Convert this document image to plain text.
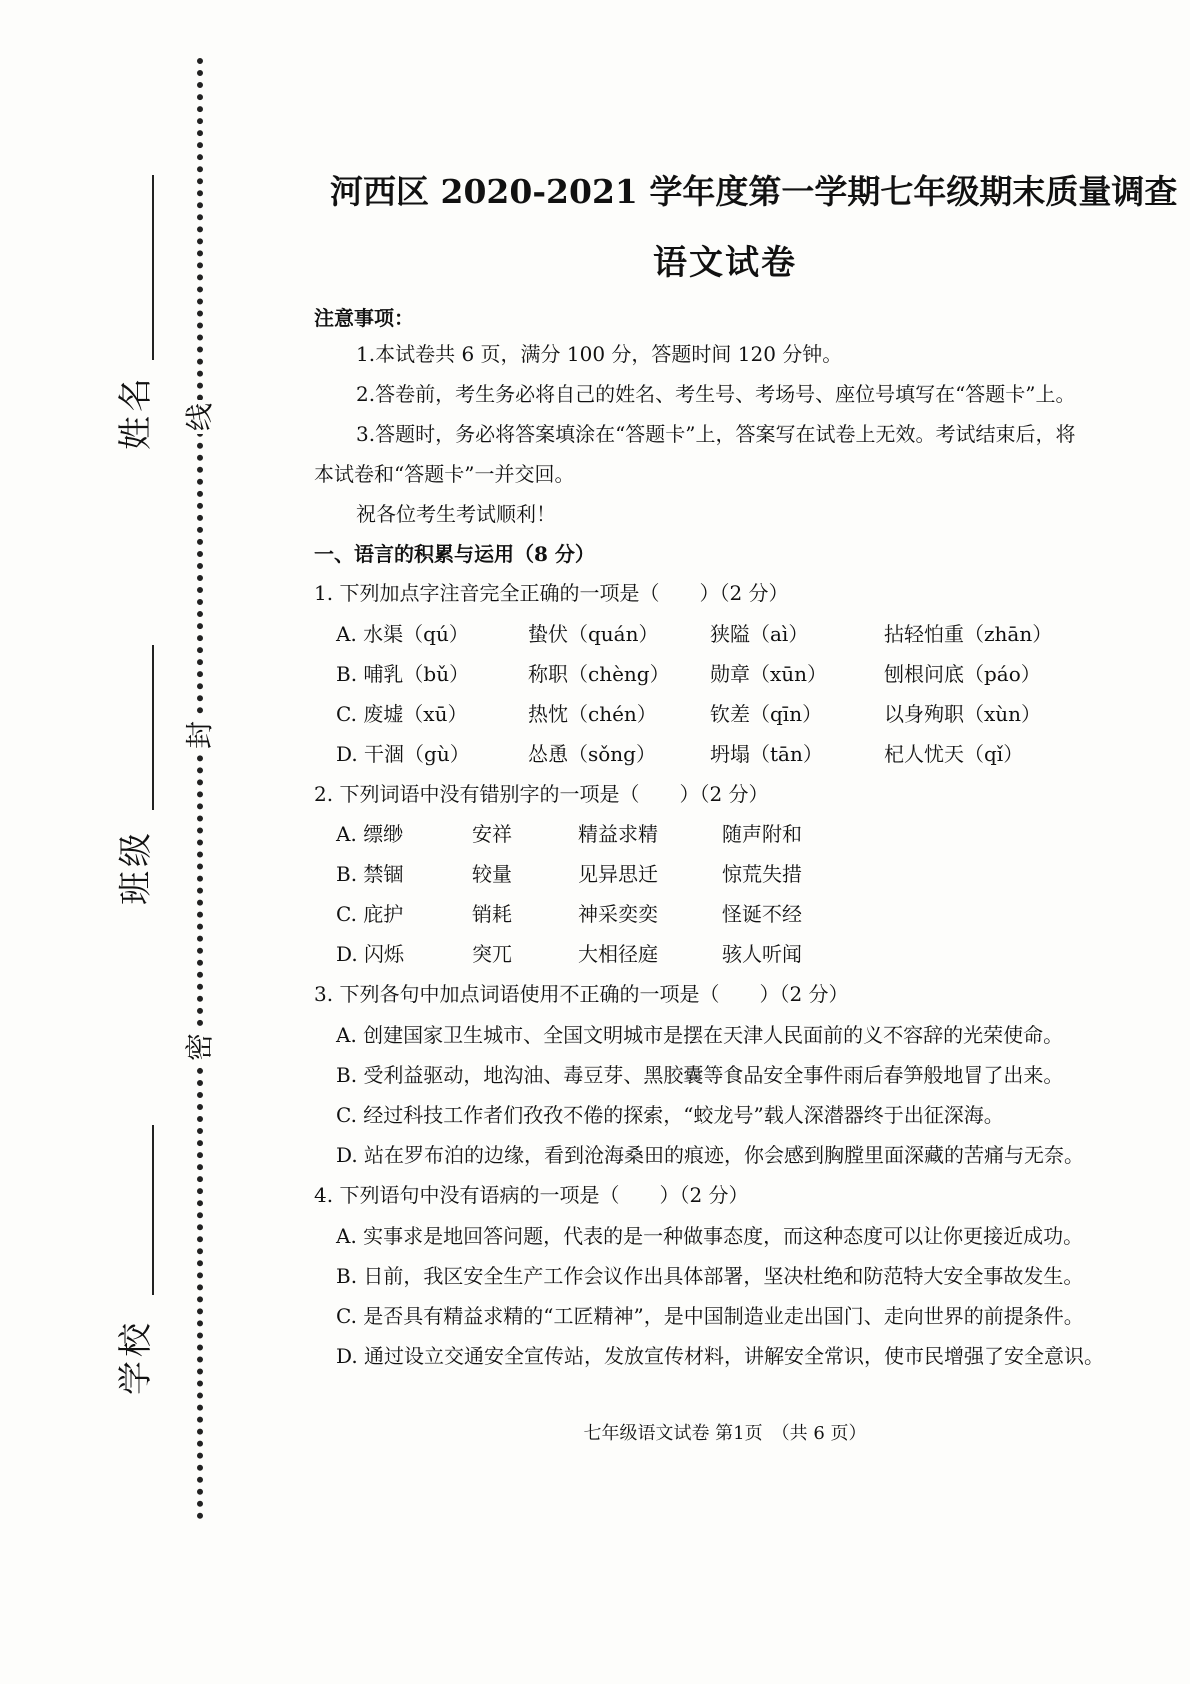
线
封
密
姓名
班级
学校
河西区 2020-2021 学年度第一学期七年级期末质量调查
语文试卷
注意事项：
1.本试卷共 6 页，满分 100 分，答题时间 120 分钟。
2.答卷前，考生务必将自己的姓名、考生号、考场号、座位号填写在“答题卡”上。
3.答题时，务必将答案填涂在“答题卡”上，答案写在试卷上无效。考试结束后，将
本试卷和“答题卡”一并交回。
祝各位考生考试顺利！
一、语言的积累与运用（8 分）
1. 下列加点字注音完全正确的一项是（　　）（2 分）
A. 水渠（qú）	蛰伏（quán）	狭隘（aì）	拈轻怕重（zhān）
B. 哺乳（bǔ）	称职（chèng） 勋章（xūn）	刨根问底（páo）
C. 废墟（xū）	热忱（chén）	钦差（qīn）	以身殉职（xùn）
D. 干涸（gù）	怂恿（sǒng）	坍塌（tān）	杞人忧天（qǐ）
2. 下列词语中没有错别字的一项是（　　）（2 分）
A. 缥缈	安祥	精益求精	随声附和
B. 禁锢	较量	见异思迁	惊荒失措
C. 庇护	销耗	神采奕奕	怪诞不经
D. 闪烁	突兀	大相径庭	骇人听闻
3. 下列各句中加点词语使用不正确的一项是（　　）（2 分）
A. 创建国家卫生城市、全国文明城市是摆在天津人民面前的义不容辞的光荣使命。
B. 受利益驱动，地沟油、毒豆芽、黑胶囊等食品安全事件雨后春笋般地冒了出来。
C. 经过科技工作者们孜孜不倦的探索，“蛟龙号”载人深潜器终于出征深海。
D. 站在罗布泊的边缘，看到沧海桑田的痕迹，你会感到胸膛里面深藏的苦痛与无奈。
4. 下列语句中没有语病的一项是（　　）（2 分）
A. 实事求是地回答问题，代表的是一种做事态度，而这种态度可以让你更接近成功。
B. 日前，我区安全生产工作会议作出具体部署，坚决杜绝和防范特大安全事故发生。
C. 是否具有精益求精的“工匠精神”，是中国制造业走出国门、走向世界的前提条件。
D. 通过设立交通安全宣传站，发放宣传材料，讲解安全常识，使市民增强了安全意识。
七年级语文试卷 第1页　（共 6 页）
